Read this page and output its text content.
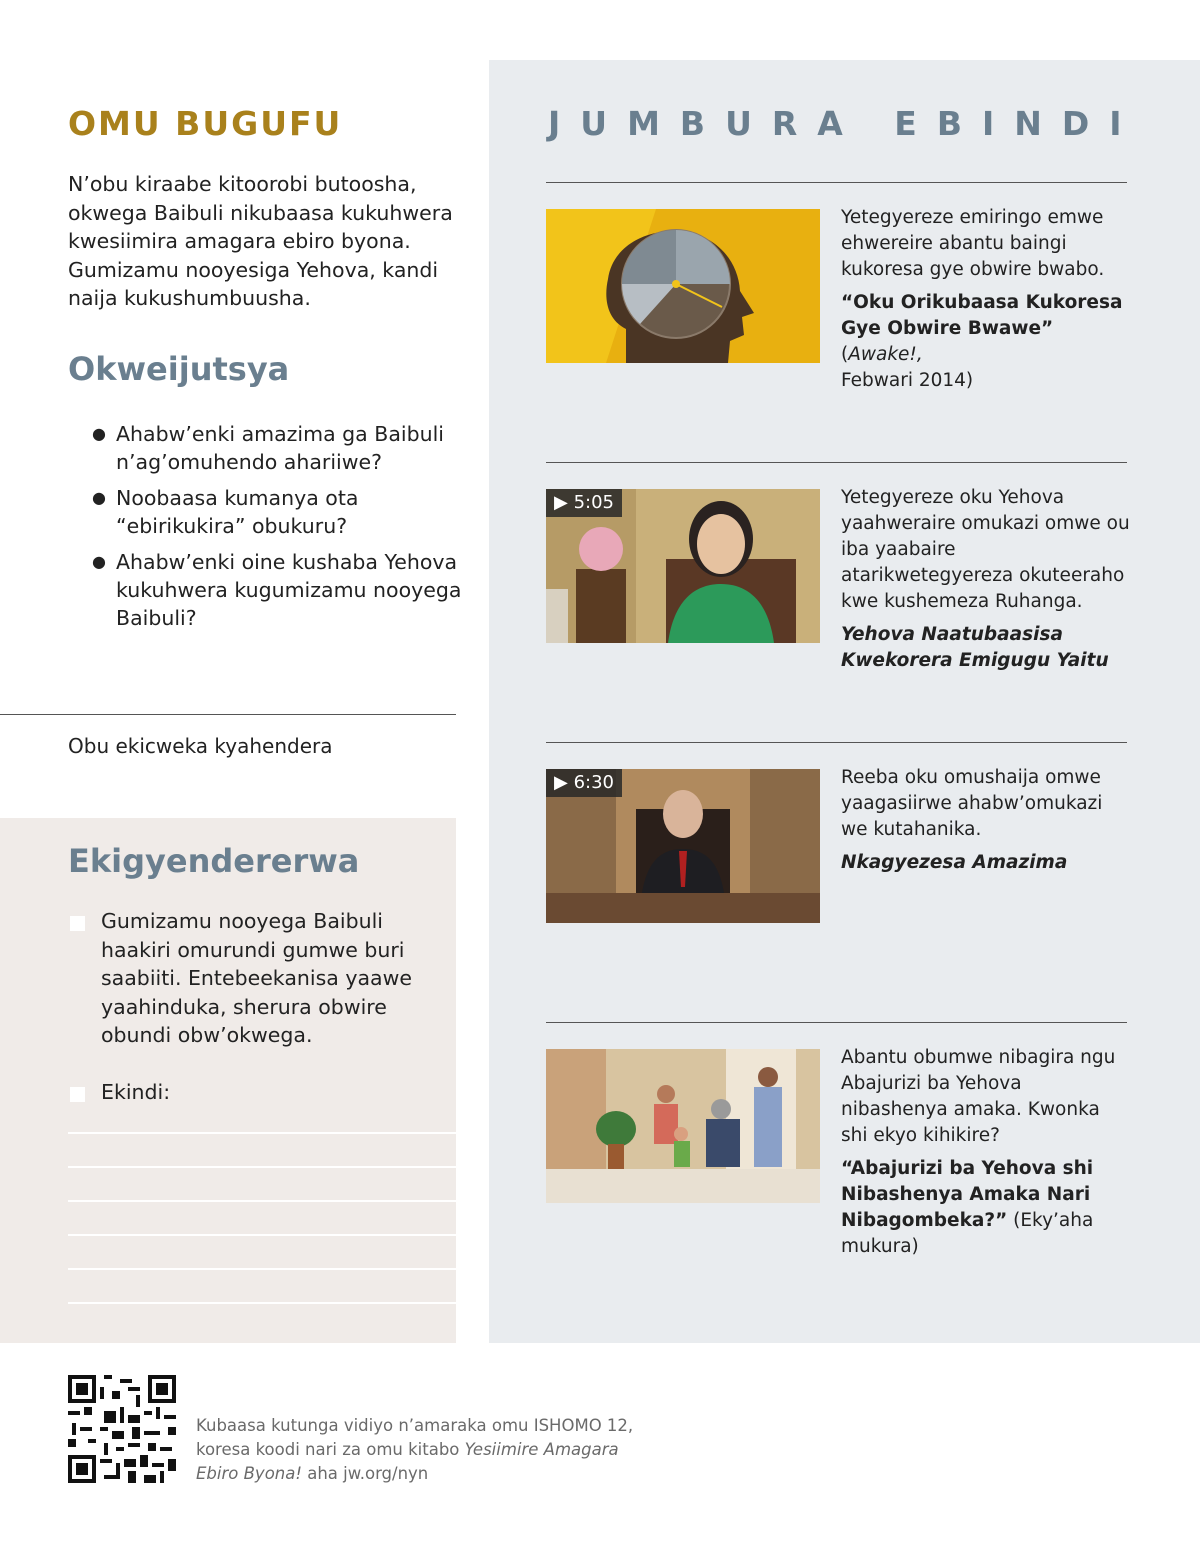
OMU BUGUFU

N’obu kiraabe kitoorobi butoosha, okwega Baibuli nikubaasa kukuhwera kwesiimira amagara ebiro byona. Gumizamu nooyesiga Yehova, kandi naija kukushumbuusha.

Okweijutsya
● Ahabw’enki amazima ga Baibuli n’ag’omuhendo ahariiwe?
● Noobaasa kumanya ota “ebirikukira” obukuru?
● Ahabw’enki oine kushaba Yehova kukuhwera kugumizamu nooyega Baibuli?

Obu ekicweka kyahendera

Ekigyendererwa

Gumizamu nooyega Baibuli haakiri omurundi gumwe buri saabiiti. Entebeekanisa yaawe yaahinduka, sherura obwire obundi obw’okwega.

Ekindi:

JUMBURA EBINDI

Yetegyereze emiringo emwe ehwereire abantu baingi kukoresa gye obwire bwabo.

“Oku Orikubaasa Kukoresa Gye Obwire Bwawe” (Awake!,
Febwari 2014)

▶ 5:05	Yetegyereze oku Yehova yaahweraire omukazi omwe ou iba yaabaire atarikwetegyereza okuteeraho kwe kushemeza Ruhanga.

Yehova Naatubaasisa Kwekorera Emigugu Yaitu

▶ 6:30	Reeba oku omushaija omwe yaagasiirwe ahabw’omukazi we kutahanika.

Nkagyezesa Amazima

Abantu obumwe nibagira ngu Abajurizi ba Yehova nibashenya amaka. Kwonka shi ekyo kihikire?

“Abajurizi ba Yehova shi Nibashenya Amaka Nari Nibagombeka?” (Eky’aha mukura)

Kubaasa kutunga vidiyo n’amaraka omu ISHOMO 12, koresa koodi nari za omu kitabo Yesiimire Amagara Ebiro Byona! aha jw.org/nyn
